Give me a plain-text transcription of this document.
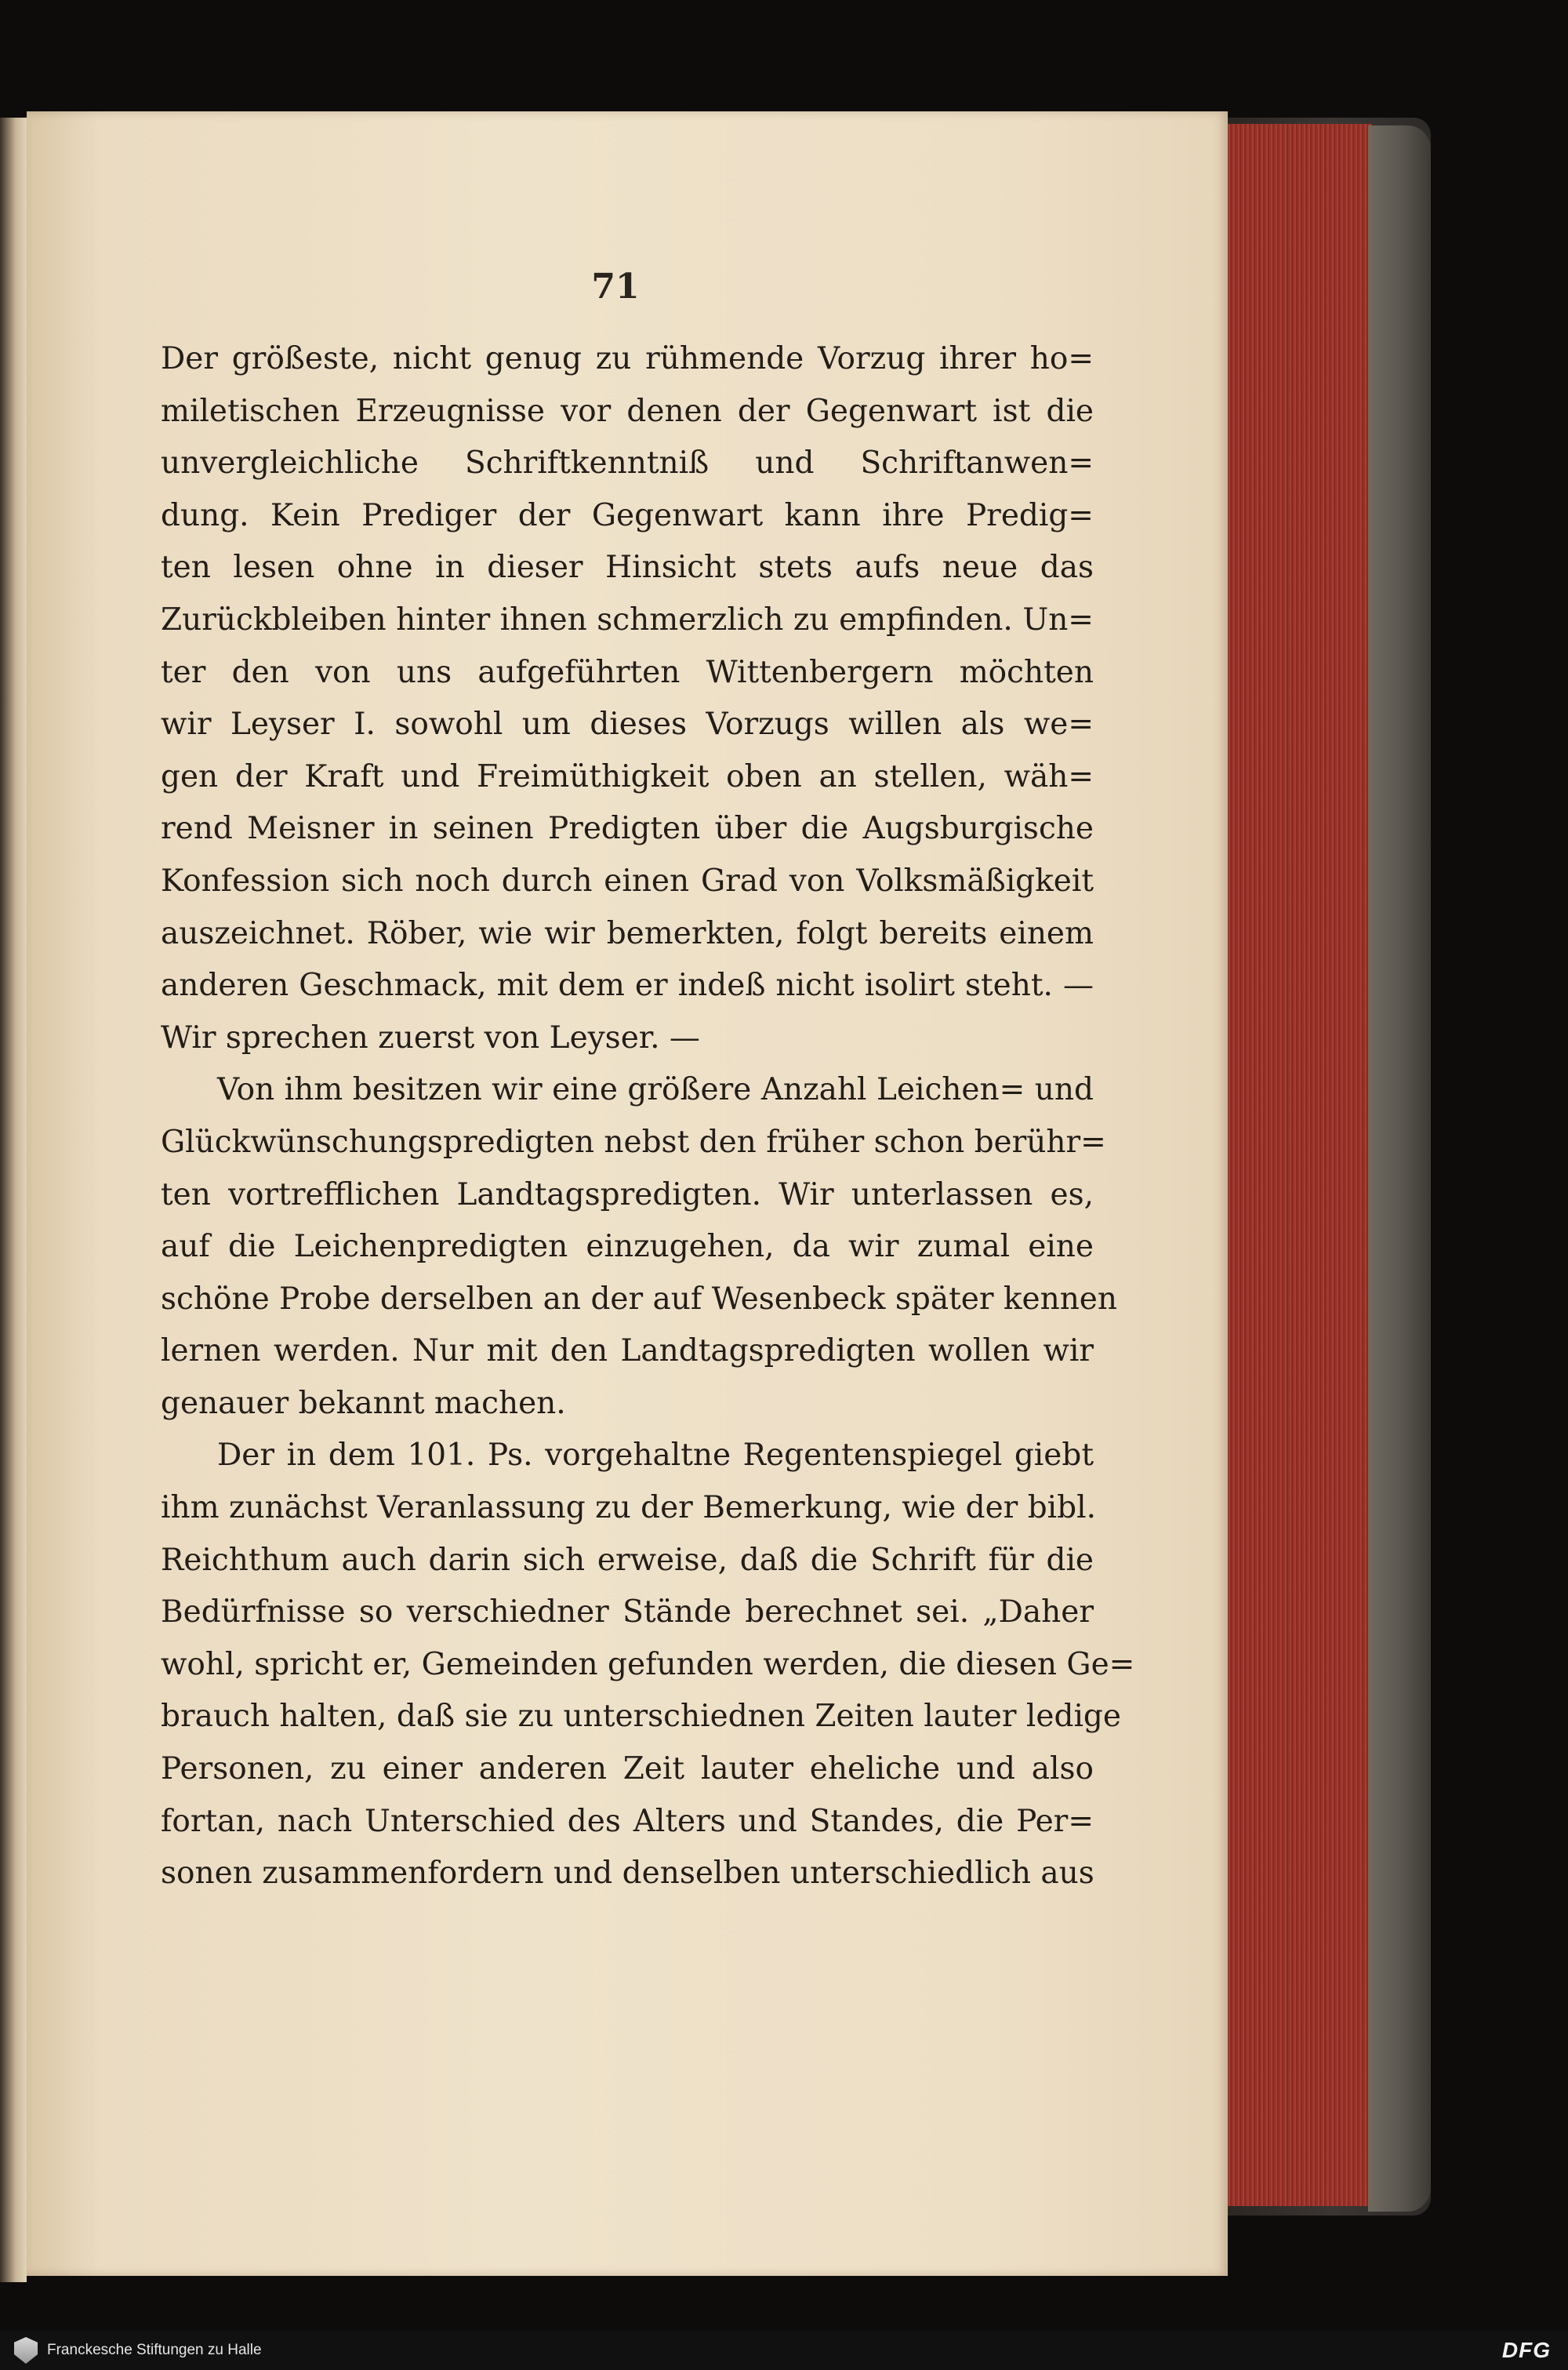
71
Der größeste, nicht genug zu rühmende Vorzug ihrer ho=
miletischen Erzeugnisse vor denen der Gegenwart ist die
unvergleichliche Schriftkenntniß und Schriftanwen=
dung. Kein Prediger der Gegenwart kann ihre Predig=
ten lesen ohne in dieser Hinsicht stets aufs neue das
Zurückbleiben hinter ihnen schmerzlich zu empfinden. Un=
ter den von uns aufgeführten Wittenbergern möchten
wir Leyser I. sowohl um dieses Vorzugs willen als we=
gen der Kraft und Freimüthigkeit oben an stellen, wäh=
rend Meisner in seinen Predigten über die Augsburgische
Konfession sich noch durch einen Grad von Volksmäßigkeit
auszeichnet. Röber, wie wir bemerkten, folgt bereits einem
anderen Geschmack, mit dem er indeß nicht isolirt steht. —
Wir sprechen zuerst von Leyser. —
Von ihm besitzen wir eine größere Anzahl Leichen= und
Glückwünschungspredigten nebst den früher schon berühr=
ten vortrefflichen Landtagspredigten. Wir unterlassen es,
auf die Leichenpredigten einzugehen, da wir zumal eine
schöne Probe derselben an der auf Wesenbeck später kennen
lernen werden. Nur mit den Landtagspredigten wollen wir
genauer bekannt machen.
Der in dem 101. Ps. vorgehaltne Regentenspiegel giebt
ihm zunächst Veranlassung zu der Bemerkung, wie der bibl.
Reichthum auch darin sich erweise, daß die Schrift für die
Bedürfnisse so verschiedner Stände berechnet sei. „Daher
wohl, spricht er, Gemeinden gefunden werden, die diesen Ge=
brauch halten, daß sie zu unterschiednen Zeiten lauter ledige
Personen, zu einer anderen Zeit lauter eheliche und also
fortan, nach Unterschied des Alters und Standes, die Per=
sonen zusammenfordern und denselben unterschiedlich aus
Franckesche Stiftungen zu Halle	DFG
